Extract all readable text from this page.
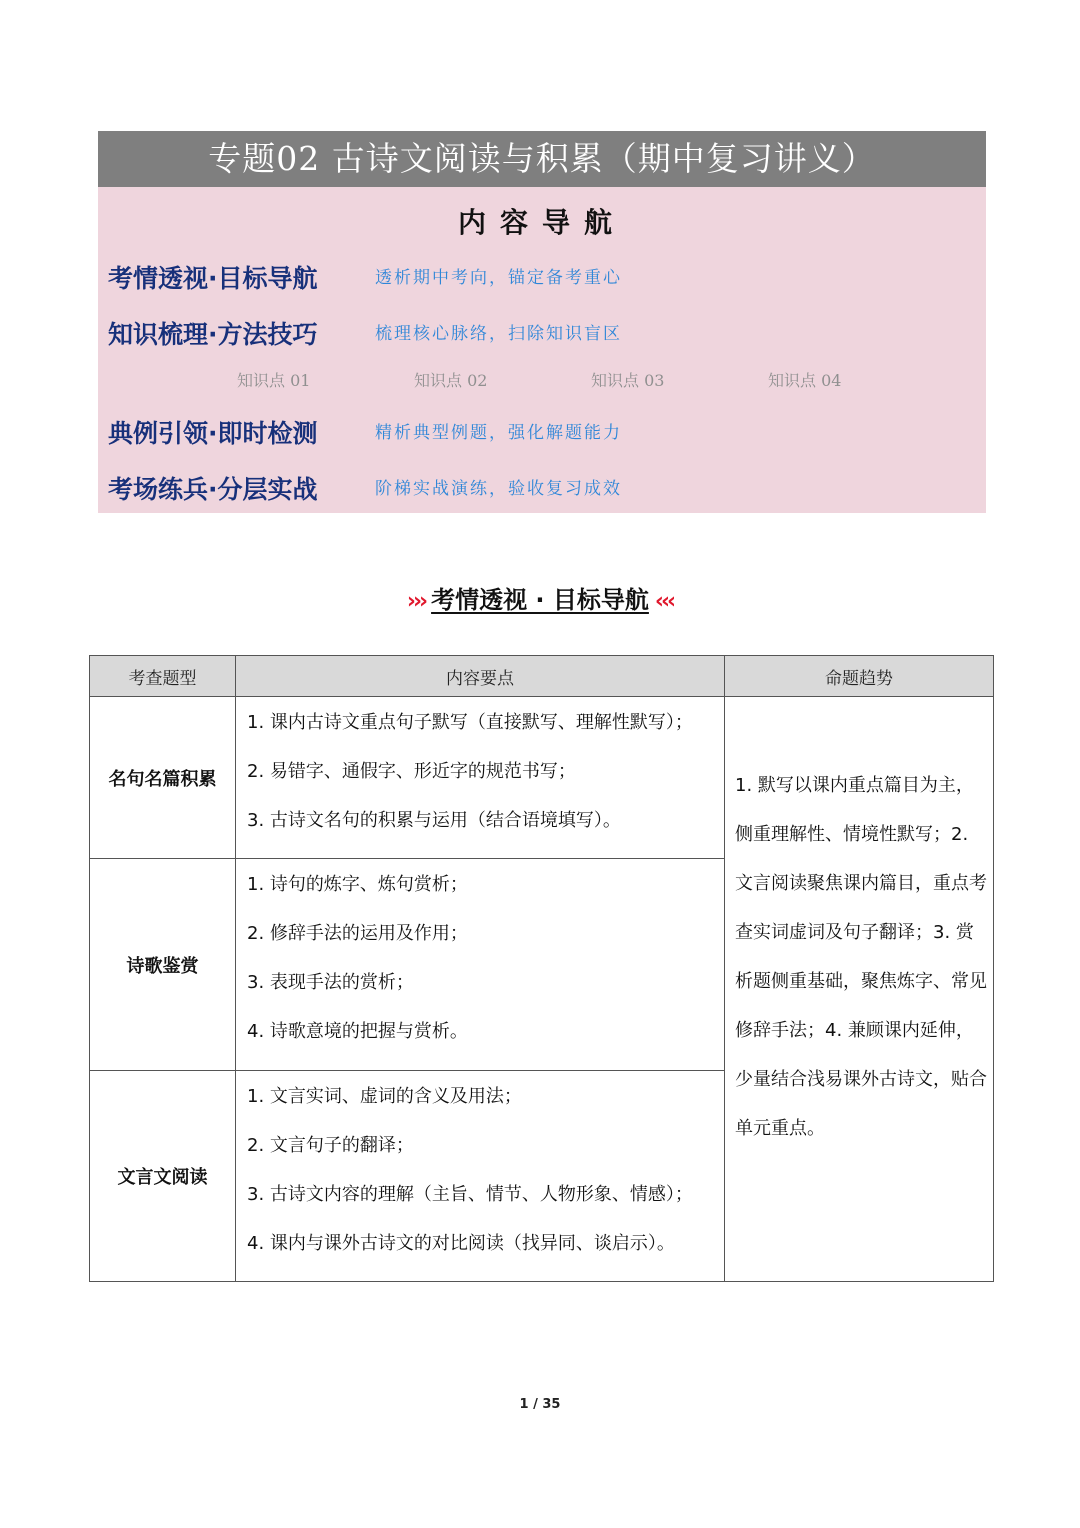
专题02 古诗文阅读与积累（期中复习讲义）
内容导航
考情透视·目标导航	透析期中考向，锚定备考重心
知识梳理·方法技巧	梳理核心脉络，扫除知识盲区
知识点 01	知识点 02	知识点 03	知识点 04
典例引领·即时检测	精析典型例题，强化解题能力
考场练兵·分层实战	阶梯实战演练，验收复习成效
››› 考情透视 · 目标导航 ‹‹‹
考查题型	内容要点	命题趋势
名句名篇积累	1. 课内古诗文重点句子默写（直接默写、理解性默写）；
2. 易错字、通假字、形近字的规范书写；
3. 古诗文名句的积累与运用（结合语境填写）。	1. 默写以课内重点篇目为主，侧重理解性、情境性默写；2. 文言阅读聚焦课内篇目，重点考查实词虚词及句子翻译；3. 赏析题侧重基础，聚焦炼字、常见修辞手法；4. 兼顾课内延伸，少量结合浅易课外古诗文，贴合单元重点。
诗歌鉴赏	1. 诗句的炼字、炼句赏析；
2. 修辞手法的运用及作用；
3. 表现手法的赏析；
4. 诗歌意境的把握与赏析。	

文言文阅读	1. 文言实词、虚词的含义及用法；
2. 文言句子的翻译；
3. 古诗文内容的理解（主旨、情节、人物形象、情感）；
4. 课内与课外古诗文的对比阅读（找异同、谈启示）。	
1 / 35
